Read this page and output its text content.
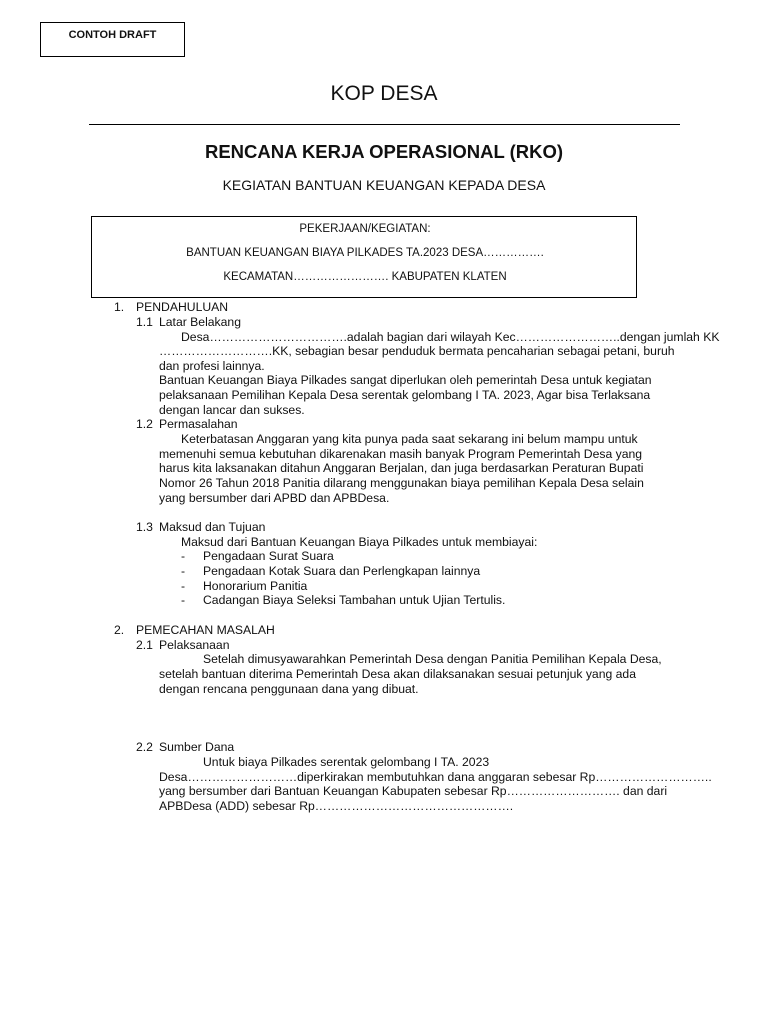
CONTOH DRAFT
KOP DESA
RENCANA KERJA OPERASIONAL (RKO)
KEGIATAN BANTUAN KEUANGAN KEPADA DESA
PEKERJAAN/KEGIATAN:
BANTUAN KEUANGAN BIAYA PILKADES TA.2023 DESA…………….
KECAMATAN……………………. KABUPATEN KLATEN
1. PENDAHULUAN
1.1 Latar Belakang
Desa…………………………….adalah bagian dari wilayah Kec……………………..dengan jumlah KK
……………………….KK, sebagian besar penduduk bermata pencaharian sebagai petani, buruh
dan profesi lainnya.
Bantuan Keuangan Biaya Pilkades sangat diperlukan oleh pemerintah Desa untuk kegiatan
pelaksanaan Pemilihan Kepala Desa serentak gelombang I TA. 2023, Agar bisa Terlaksana
dengan lancar dan sukses.
1.2 Permasalahan
Keterbatasan Anggaran yang kita punya pada saat sekarang ini belum mampu untuk
memenuhi semua kebutuhan dikarenakan masih banyak Program Pemerintah Desa yang
harus kita laksanakan ditahun Anggaran Berjalan, dan juga berdasarkan Peraturan Bupati
Nomor 26 Tahun 2018 Panitia dilarang menggunakan biaya pemilihan Kepala Desa selain
yang bersumber dari APBD dan APBDesa.
1.3 Maksud dan Tujuan
Maksud dari Bantuan Keuangan Biaya Pilkades untuk membiayai:
- Pengadaan Surat Suara
- Pengadaan Kotak Suara dan Perlengkapan lainnya
- Honorarium Panitia
- Cadangan Biaya Seleksi Tambahan untuk Ujian Tertulis.
2. PEMECAHAN MASALAH
2.1 Pelaksanaan
Setelah dimusyawarahkan Pemerintah Desa dengan Panitia Pemilihan Kepala Desa,
setelah bantuan diterima Pemerintah Desa akan dilaksanakan sesuai petunjuk yang ada
dengan rencana penggunaan dana yang dibuat.
2.2 Sumber Dana
Untuk biaya Pilkades serentak gelombang I TA. 2023
Desa………………………diperkirakan membutuhkan dana anggaran sebesar Rp………………………..
yang bersumber dari Bantuan Keuangan Kabupaten sebesar Rp………………………. dan dari
APBDesa (ADD) sebesar Rp………………………………………….
